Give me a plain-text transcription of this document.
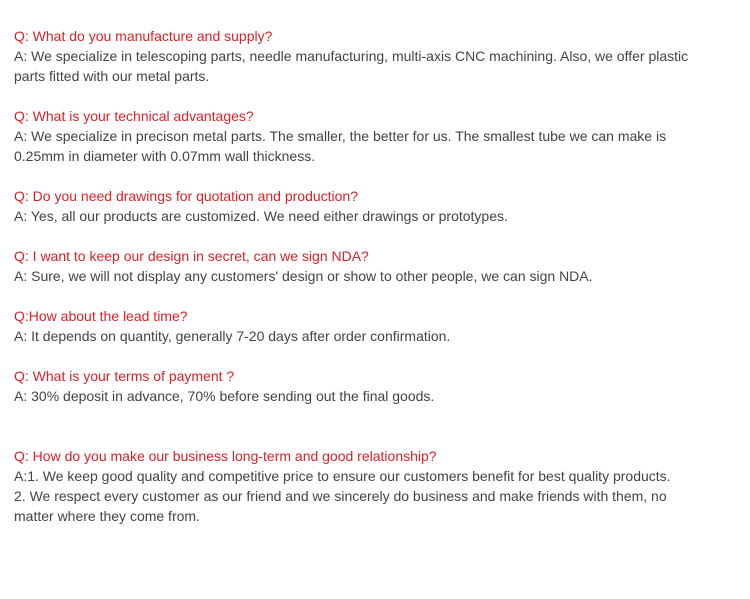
Q: What do you manufacture and supply?
A: We specialize in telescoping parts, needle manufacturing, multi-axis CNC machining. Also, we offer plastic
parts fitted with our metal parts.
Q: What is your technical advantages?
A: We specialize in precison metal parts. The smaller, the better for us. The smallest tube we can make is
0.25mm in diameter with 0.07mm wall thickness.
Q: Do you need drawings for quotation and production?
A: Yes, all our products are customized. We need either drawings or prototypes.
Q: I want to keep our design in secret, can we sign NDA?
A: Sure, we will not display any customers' design or show to other people, we can sign NDA.
Q:How about the lead time?
A: It depends on quantity, generally 7-20 days after order confirmation.
Q: What is your terms of payment ?
A: 30% deposit in advance, 70% before sending out the final goods.
Q: How do you make our business long-term and good relationship?
A:1. We keep good quality and competitive price to ensure our customers benefit for best quality products.
2. We respect every customer as our friend and we sincerely do business and make friends with them, no
matter where they come from.
